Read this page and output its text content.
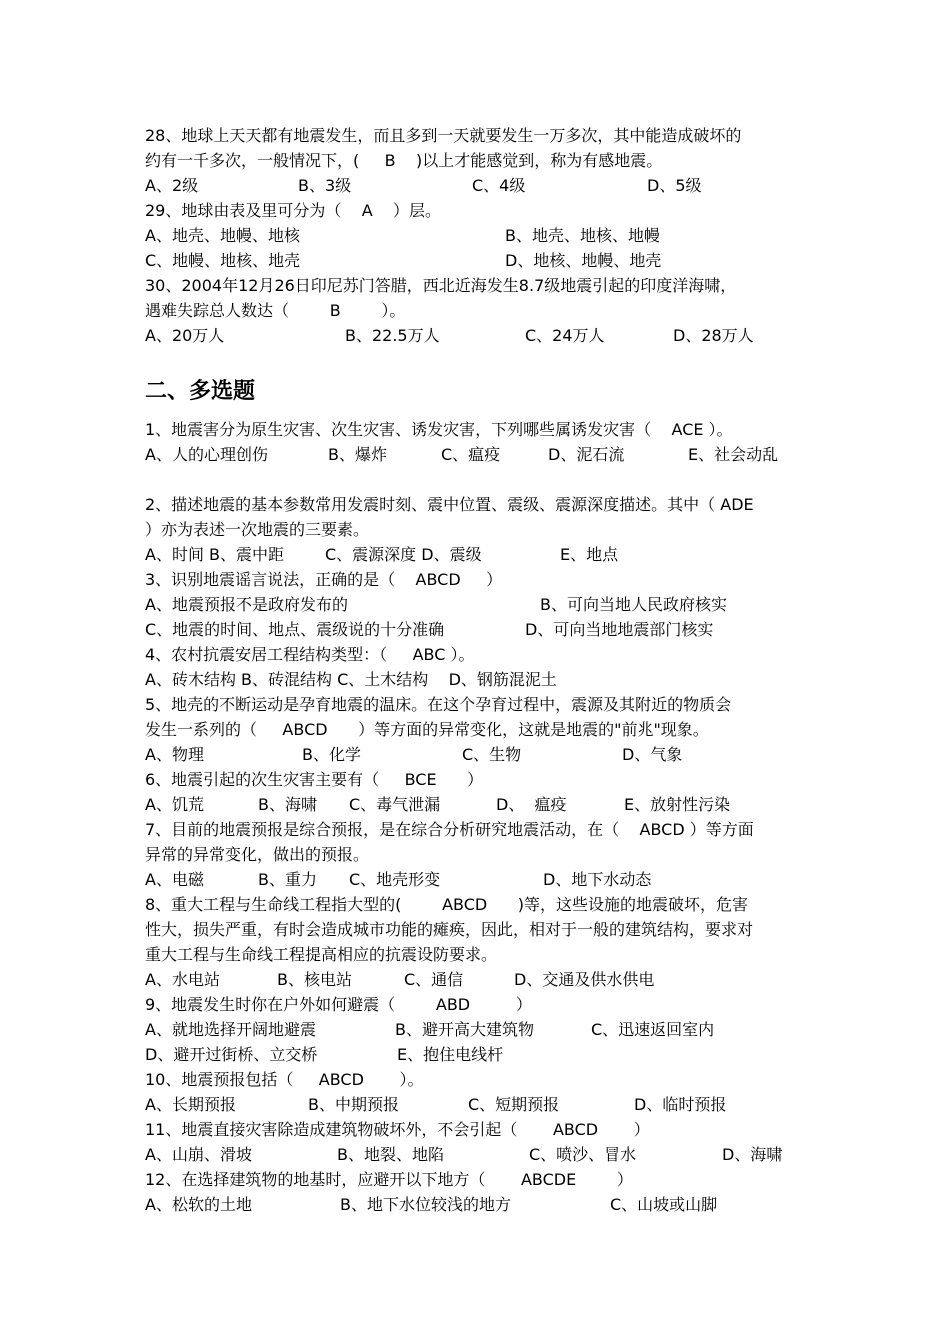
28、地球上天天都有地震发生，而且多到一天就要发生一万多次，其中能造成破坏的
约有一千多次，一般情况下，(     B    )以上才能感觉到，称为有感地震。
A、2级	B、3级	C、4级	D、5级
29、地球由表及里可分为（    A    ）层。
A、地壳、地幔、地核	B、地壳、地核、地幔
C、地幔、地核、地壳	D、地核、地幔、地壳
30、2004年12月26日印尼苏门答腊，西北近海发生8.7级地震引起的印度洋海啸，
遇难失踪总人数达（        B        ）。
A、20万人	B、22.5万人	C、24万人	D、28万人
二、多选题
1、地震害分为原生灾害、次生灾害、诱发灾害，下列哪些属诱发灾害（    ACE ）。
A、人的心理创伤	B、爆炸	C、瘟疫	D、泥石流	E、社会动乱
2、描述地震的基本参数常用发震时刻、震中位置、震级、震源深度描述。其中（ ADE
）亦为表述一次地震的三要素。
A、时间 B、震中距	C、震源深度 D、震级	E、地点
3、识别地震谣言说法，正确的是（    ABCD     ）
A、地震预报不是政府发布的	B、可向当地人民政府核实
C、地震的时间、地点、震级说的十分准确	D、可向当地地震部门核实
4、农村抗震安居工程结构类型：（     ABC ）。
A、砖木结构 B、砖混结构 C、土木结构    D、钢筋混泥土
5、地壳的不断运动是孕育地震的温床。在这个孕育过程中，震源及其附近的物质会
发生一系列的（     ABCD      ）等方面的异常变化，这就是地震的"前兆"现象。
A、物理	B、化学	C、生物	D、气象
6、地震引起的次生灾害主要有（     BCE      ）
A、饥荒	B、海啸 C、毒气泄漏	D、  瘟疫	E、放射性污染
7、目前的地震预报是综合预报，是在综合分析研究地震活动，在（    ABCD ）等方面
异常的异常变化，做出的预报。
A、电磁	B、重力 C、地壳形变	D、地下水动态
8、重大工程与生命线工程指大型的(        ABCD      )等，这些设施的地震破坏，危害
性大，损失严重，有时会造成城市功能的瘫痪，因此，相对于一般的建筑结构，要求对
重大工程与生命线工程提高相应的抗震设防要求。
A、水电站	B、核电站	C、通信	D、交通及供水供电
9、地震发生时你在户外如何避震（        ABD         ）
A、就地选择开阔地避震	B、避开高大建筑物	C、迅速返回室内
D、避开过街桥、立交桥	E、抱住电线杆
10、地震预报包括（     ABCD       ）。
A、长期预报	B、中期预报	C、短期预报	D、临时预报
11、地震直接灾害除造成建筑物破坏外，不会引起（       ABCD       ）
A、山崩、滑坡	B、地裂、地陷	C、喷沙、冒水	D、海啸
12、在选择建筑物的地基时，应避开以下地方（       ABCDE        ）
A、松软的土地	B、地下水位较浅的地方	C、山坡或山脚
